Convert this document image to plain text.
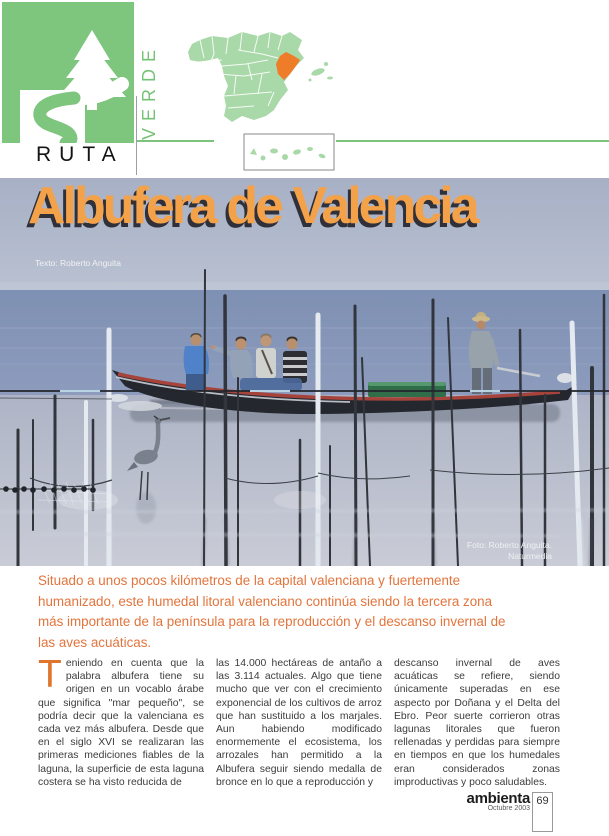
RUTA
VERDE
Albufera de Valencia
Texto: Roberto Anguita
Foto: Roberto Anguita.
Naturmedia
Situado a unos pocos kilómetros de la capital valenciana y fuertemente
humanizado, este humedal litoral valenciano continúa siendo la tercera zona
más importante de la península para la reproducción y el descanso invernal de
las aves acuáticas.
Teniendo en cuenta que la palabra albufera tiene su origen en un vocablo árabe que significa "mar pequeño", se podría decir que la valenciana es cada vez más albufera. Desde que en el siglo XVI se realizaran las primeras mediciones fiables de la laguna, la superficie de esta laguna costera se ha visto reducida de
las 14.000 hectáreas de antaño a las 3.114 actuales. Algo que tiene mucho que ver con el crecimiento exponencial de los cultivos de arroz que han sustituido a los marjales. Aun habiendo modificado enormemente el ecosistema, los arrozales han permitido a la Albufera seguir siendo medalla de bronce en lo que a reproducción y
descanso invernal de aves acuáticas se refiere, siendo únicamente superadas en ese aspecto por Doñana y el Delta del Ebro. Peor suerte corrieron otras lagunas litorales que fueron rellenadas y perdidas para siempre en tiempos en que los humedales eran considerados zonas improductivas y poco saludables.
ambienta
Octubre 2003
69
